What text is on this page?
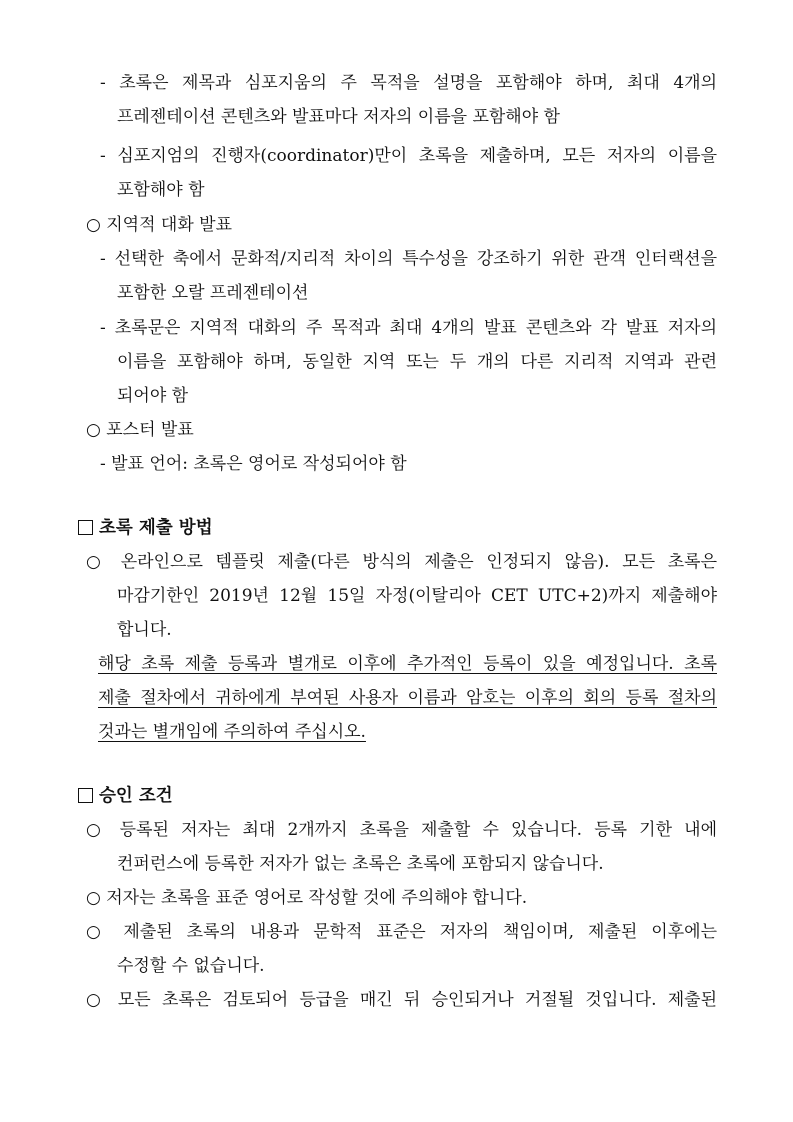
- 초록은 제목과 심포지움의 주 목적을 설명을 포함해야 하며, 최대 4개의
프레젠테이션 콘텐츠와 발표마다 저자의 이름을 포함해야 함
- 심포지엄의 진행자(coordinator)만이 초록을 제출하며, 모든 저자의 이름을
포함해야 함
○ 지역적 대화 발표
- 선택한 축에서 문화적/지리적 차이의 특수성을 강조하기 위한 관객 인터랙션을
포함한 오랄 프레젠테이션
- 초록문은 지역적 대화의 주 목적과 최대 4개의 발표 콘텐츠와 각 발표 저자의
이름을 포함해야 하며, 동일한 지역 또는 두 개의 다른 지리적 지역과 관련
되어야 함
○ 포스터 발표
- 발표 언어: 초록은 영어로 작성되어야 함
초록 제출 방법
○ 온라인으로 템플릿 제출(다른 방식의 제출은 인정되지 않음). 모든 초록은
마감기한인 2019년 12월 15일 자정(이탈리아 CET UTC+2)까지 제출해야
합니다.
해당 초록 제출 등록과 별개로 이후에 추가적인 등록이 있을 예정입니다. 초록
제출 절차에서 귀하에게 부여된 사용자 이름과 암호는 이후의 회의 등록 절차의
것과는 별개임에 주의하여 주십시오.
승인 조건
○ 등록된 저자는 최대 2개까지 초록을 제출할 수 있습니다. 등록 기한 내에
컨퍼런스에 등록한 저자가 없는 초록은 초록에 포함되지 않습니다.
○ 저자는 초록을 표준 영어로 작성할 것에 주의해야 합니다.
○ 제출된 초록의 내용과 문학적 표준은 저자의 책임이며, 제출된 이후에는
수정할 수 없습니다.
○ 모든 초록은 검토되어 등급을 매긴 뒤 승인되거나 거절될 것입니다. 제출된
